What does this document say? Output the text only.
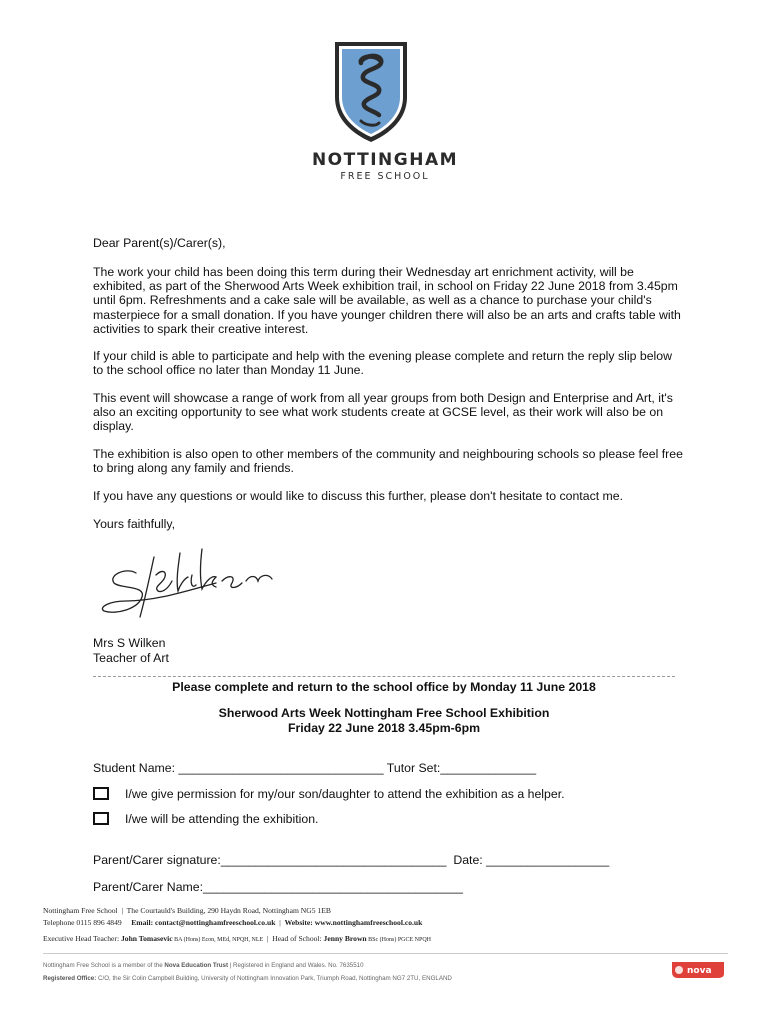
NOTTINGHAM
FREE SCHOOL
Dear Parent(s)/Carer(s),

The work your child has been doing this term during their Wednesday art enrichment activity, will be exhibited, as part of the Sherwood Arts Week exhibition trail, in school on Friday 22 June 2018 from 3.45pm until 6pm. Refreshments and a cake sale will be available, as well as a chance to purchase your child's masterpiece for a small donation. If you have younger children there will also be an arts and crafts table with activities to spark their creative interest.

If your child is able to participate and help with the evening please complete and return the reply slip below to the school office no later than Monday 11 June.

This event will showcase a range of work from all year groups from both Design and Enterprise and Art, it's also an exciting opportunity to see what work students create at GCSE level, as their work will also be on display.

The exhibition is also open to other members of the community and neighbouring schools so please feel free to bring along any family and friends.

If you have any questions or would like to discuss this further, please don't hesitate to contact me.

Yours faithfully,
Mrs S Wilken
Teacher of Art
Please complete and return to the school office by Monday 11 June 2018
Sherwood Arts Week Nottingham Free School Exhibition
Friday 22 June 2018 3.45pm-6pm
Student Name: ______________________________ Tutor Set:______________
I/we give permission for my/our son/daughter to attend the exhibition as a helper.
I/we will be attending the exhibition.
Parent/Carer signature:_________________________________  Date: __________________
Parent/Carer Name:______________________________________
Nottingham Free School  |  The Courtauld's Building, 290 Haydn Road, Nottingham NG5 1EB
Telephone 0115 896 4849 Email: contact@nottinghamfreeschool.co.uk  |  Website: www.nottinghamfreeschool.co.uk
Executive Head Teacher: John Tomasevic BA (Hons) Econ, MEd, NPQH, NLE  |  Head of School: Jenny Brown BSc (Hons) PGCE NPQH
Nottingham Free School is a member of the Nova Education Trust | Registered in England and Wales. No. 7635510
Registered Office: C/O, the Sir Colin Campbell Building, University of Nottingham Innovation Park, Triumph Road, Nottingham NG7 2TU, ENGLAND
nova
